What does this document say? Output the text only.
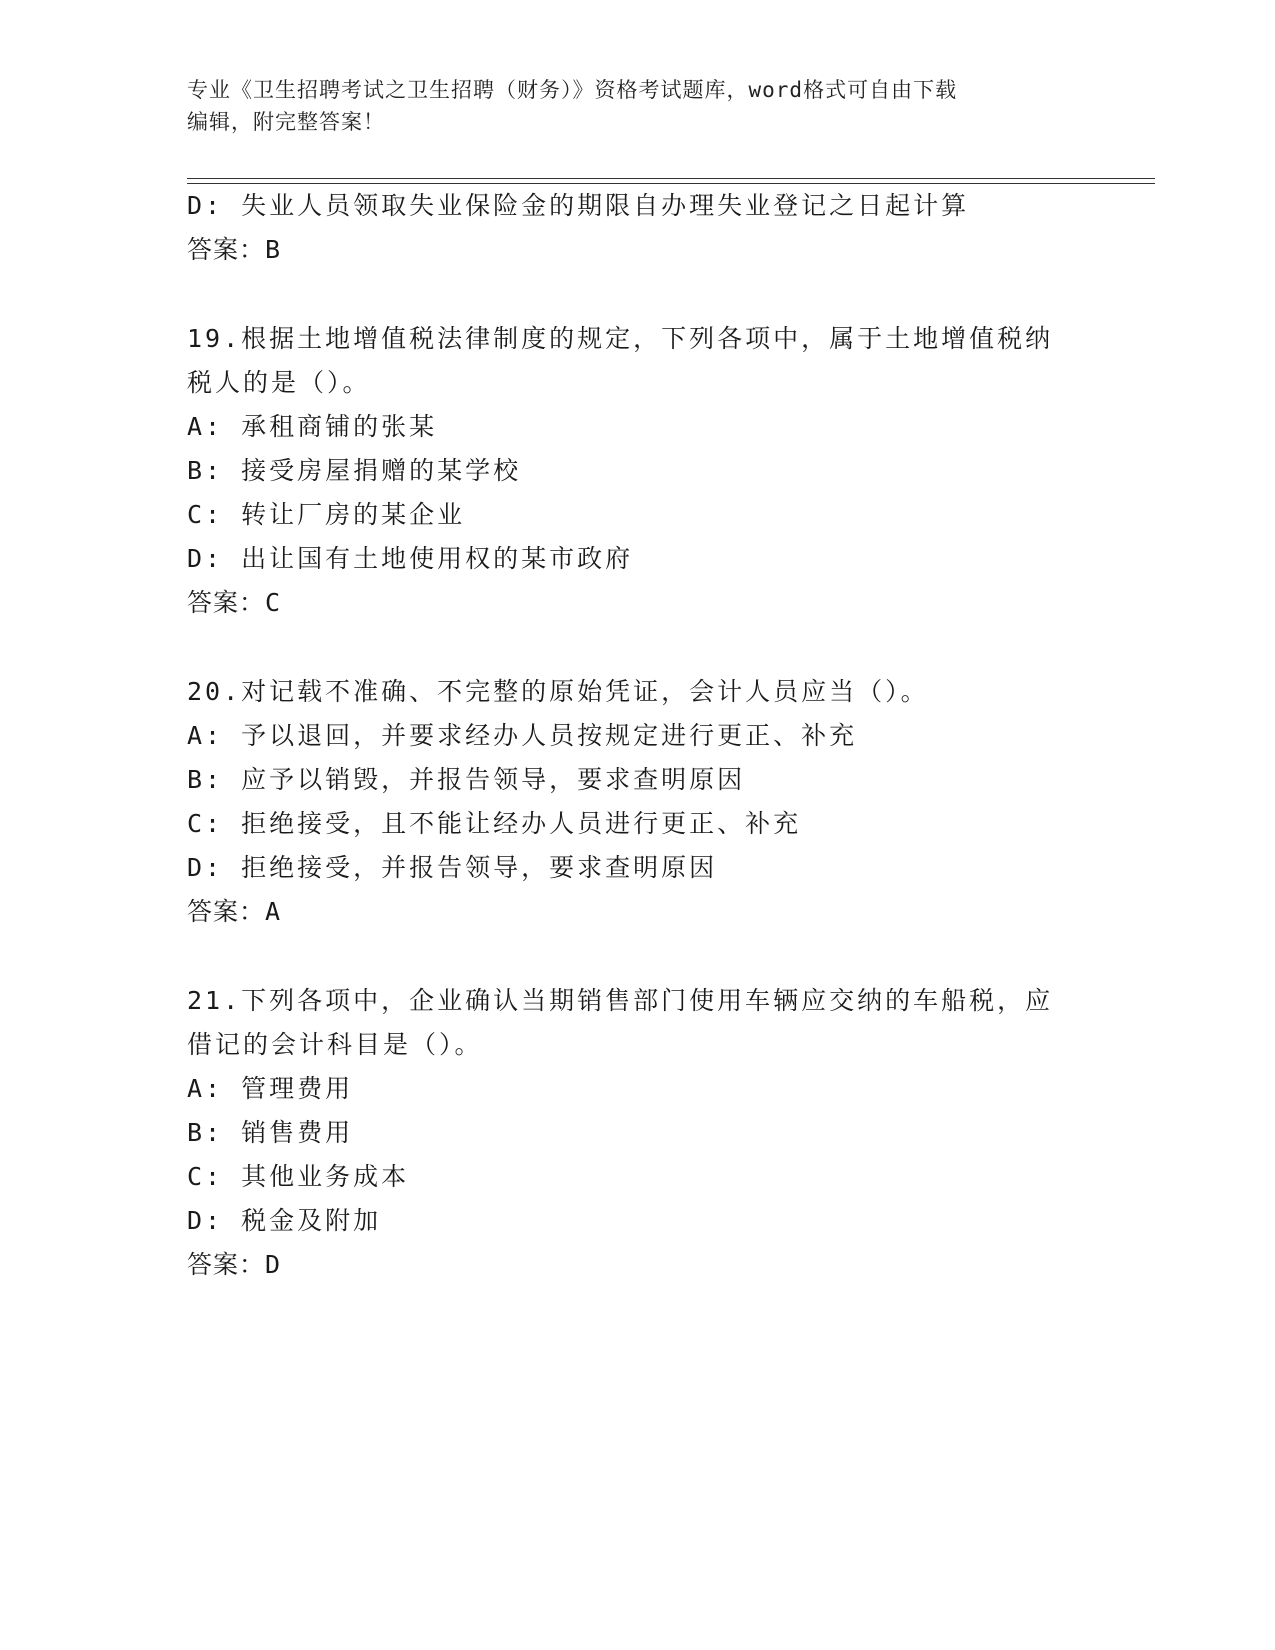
专业《卫生招聘考试之卫生招聘（财务）》资格考试题库，word格式可自由下载
编辑，附完整答案！
D: 失业人员领取失业保险金的期限自办理失业登记之日起计算
答案：B
19.根据土地增值税法律制度的规定，下列各项中，属于土地增值税纳
税人的是（）。
A: 承租商铺的张某
B: 接受房屋捐赠的某学校
C: 转让厂房的某企业
D: 出让国有土地使用权的某市政府
答案：C
20.对记载不准确、不完整的原始凭证，会计人员应当（）。
A: 予以退回，并要求经办人员按规定进行更正、补充
B: 应予以销毁，并报告领导，要求查明原因
C: 拒绝接受，且不能让经办人员进行更正、补充
D: 拒绝接受，并报告领导，要求查明原因
答案：A
21.下列各项中，企业确认当期销售部门使用车辆应交纳的车船税，应
借记的会计科目是（）。
A: 管理费用
B: 销售费用
C: 其他业务成本
D: 税金及附加
答案：D
